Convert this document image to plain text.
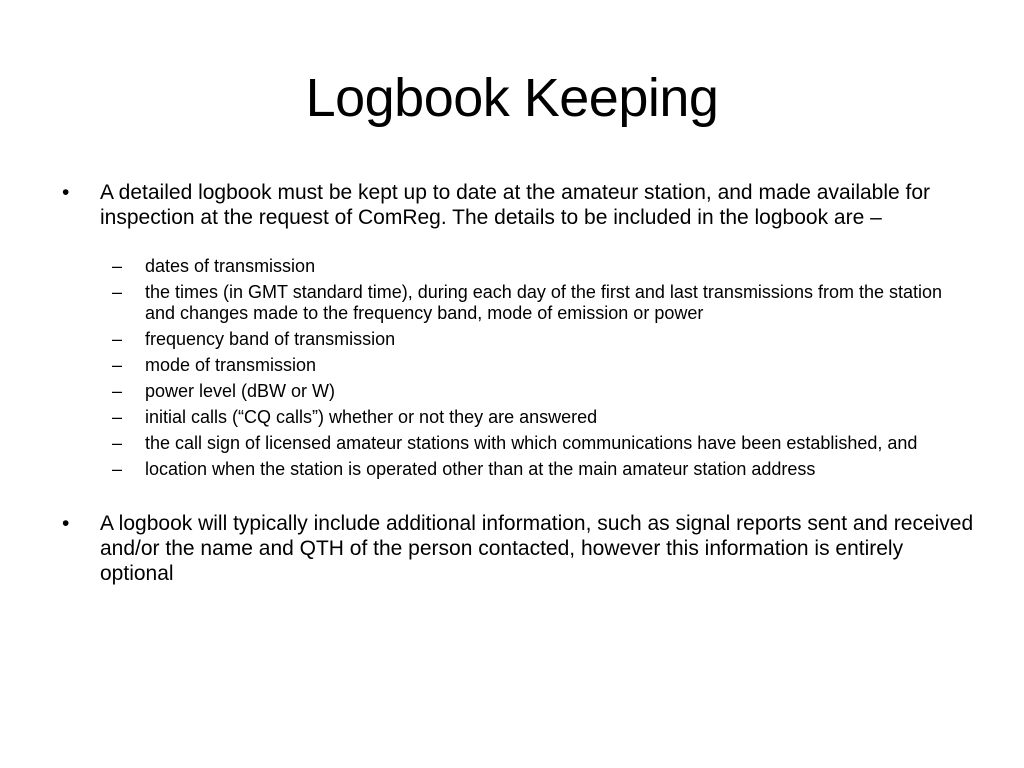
Logbook Keeping
• A detailed logbook must be kept up to date at the amateur station, and made available for inspection at the request of ComReg. The details to be included in the logbook are –
– dates of transmission
– the times (in GMT standard time), during each day of the first and last transmissions from the station and changes made to the frequency band, mode of emission or power
– frequency band of transmission
– mode of transmission
– power level (dBW or W)
– initial calls (“CQ calls”) whether or not they are answered
– the call sign of licensed amateur stations with which communications have been established, and
– location when the station is operated other than at the main amateur station address
• A logbook will typically include additional information, such as signal reports sent and received and/or the name and QTH of the person contacted, however this information is entirely optional
